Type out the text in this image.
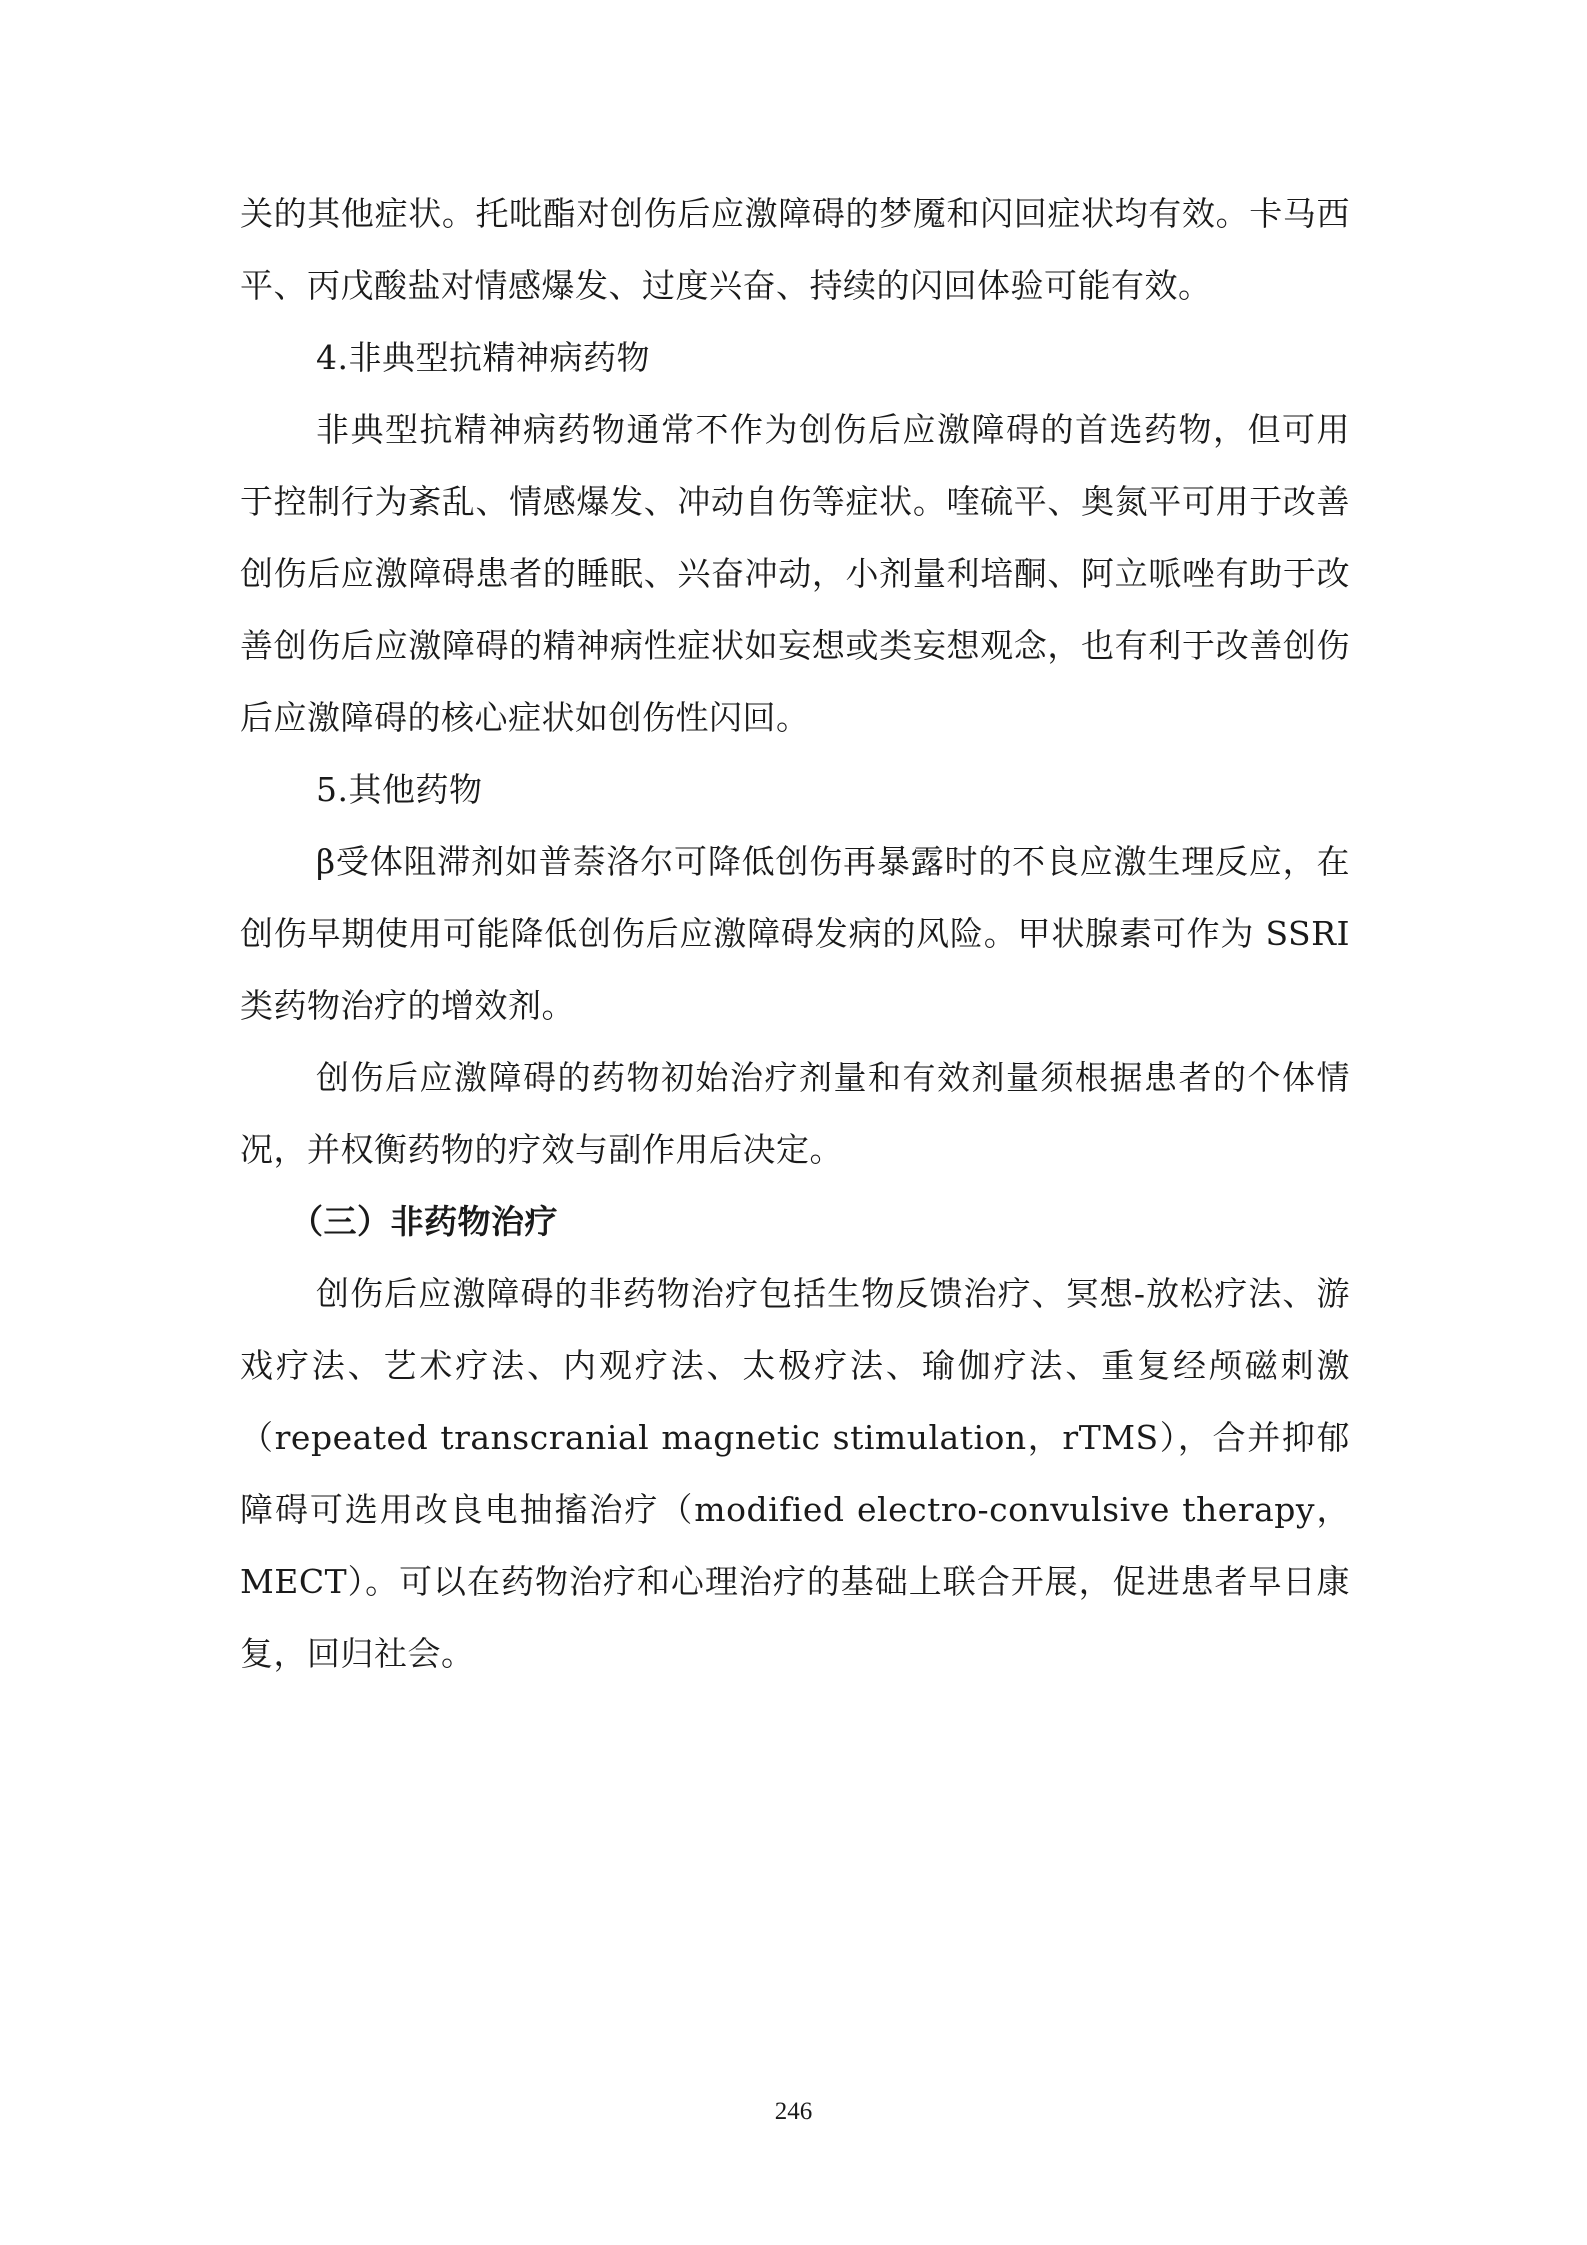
关的其他症状。托吡酯对创伤后应激障碍的梦魇和闪回症状均有效。卡马西平、丙戊酸盐对情感爆发、过度兴奋、持续的闪回体验可能有效。

4.非典型抗精神病药物

非典型抗精神病药物通常不作为创伤后应激障碍的首选药物，但可用于控制行为紊乱、情感爆发、冲动自伤等症状。喹硫平、奥氮平可用于改善创伤后应激障碍患者的睡眠、兴奋冲动，小剂量利培酮、阿立哌唑有助于改善创伤后应激障碍的精神病性症状如妄想或类妄想观念，也有利于改善创伤后应激障碍的核心症状如创伤性闪回。

5.其他药物

β受体阻滞剂如普萘洛尔可降低创伤再暴露时的不良应激生理反应，在创伤早期使用可能降低创伤后应激障碍发病的风险。甲状腺素可作为 SSRI 类药物治疗的增效剂。

创伤后应激障碍的药物初始治疗剂量和有效剂量须根据患者的个体情况，并权衡药物的疗效与副作用后决定。

（三）非药物治疗

创伤后应激障碍的非药物治疗包括生物反馈治疗、冥想-放松疗法、游戏疗法、艺术疗法、内观疗法、太极疗法、瑜伽疗法、重复经颅磁刺激（repeated transcranial magnetic stimulation，rTMS），合并抑郁障碍可选用改良电抽搐治疗（modified electro-convulsive therapy，MECT）。可以在药物治疗和心理治疗的基础上联合开展，促进患者早日康复，回归社会。

246
